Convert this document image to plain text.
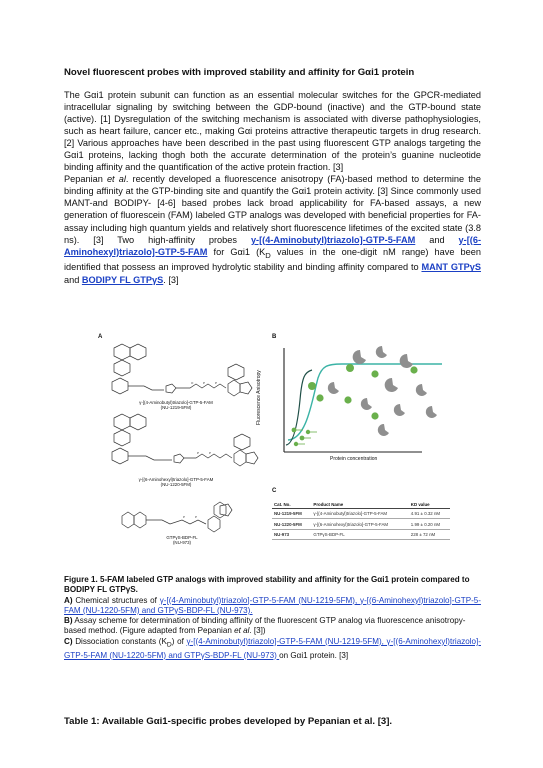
Novel fluorescent probes with improved stability and affinity for Gαi1 protein

The Gαi1 protein subunit can function as an essential molecular switches for the GPCR-mediated intracellular signaling by switching between the GDP-bound (inactive) and the GTP-bound state (active). [1] Dysregulation of the switching mechanism is associated with diverse pathophysiologies, such as heart failure, cancer etc., making Gαi proteins attractive therapeutic targets in drug research. [2] Various approaches have been described in the past using fluorescent GTP analogs targeting the Gαi1 proteins, lacking thogh both the accurate determination of the protein’s guanine nucleotide binding affinity and the quantification of the active protein fraction. [3]

Pepanian et al. recently developed a fluorescence anisotropy (FA)-based method to determine the binding affinity at the GTP-binding site and quantify the Gαi1 protein activity. [3] Since commonly used MANT-and BODIPY- [4-6] based probes lack broad applicability for FA-based assays, a new generation of fluorescein (FAM) labeled GTP analogs was developed with beneficial properties for FA-assay including high quantum yields and relatively short fluorescence lifetimes of the excited state (3.8 ns). [3] Two high-affinity probes y-[(4-Aminobutyl)triazolo]-GTP-5-FAM and y-[(6-Aminohexyl)triazolo]-GTP-5-FAM for Gαi1 ($K_D$ values in the one-digit nM range) have been identified that possess an improved hydrolytic stability and binding affinity compared to MANT GTPγS and BODIPY FL GTPγS. [3]

A	B
C
O	P	P
P	P
P	P
γ-[(4-Aminobutyl)triazolo]-GTP-5-FAM
(NU-1219-5FM)
γ-[(6-Aminohexyl)triazolo]-GTP-5-FAM
(NU-1220-5FM)
GTPγS-BDP-FL
(NU-973)
Fluorescence Anisotropy
Protein concentration
Cat. No.	Product Name	KD value
NU-1219-5FM	γ-[(4-Aminobutyl)triazolo]-GTP-5-FAM	4.91 ± 0.32 nM
NU-1220-5FM	γ-[(6-Aminohexyl)triazolo]-GTP-5-FAM	1.99 ± 0.20 nM
NU-973	GTPγS-BDP-FL	228 ± 72 nM

Figure 1. 5-FAM labeled GTP analogs with improved stability and affinity for the Gαi1 protein compared to BODIPY FL GTPγS.

A) Chemical structures of γ-[(4-Aminobutyl)triazolo]-GTP-5-FAM (NU-1219-5FM), γ-[(6-Aminohexyl)triazolo]-GTP-5-FAM (NU-1220-5FM) and GTPγS-BDP-FL (NU-973).

B) Assay scheme for determination of binding affinity of the fluorescent GTP analog via fluorescence anisotropy-based method. (Figure adapted from Pepanian et al. [3])

C) Dissociation constants $(K_D)$ of γ-[(4-Aminobutyl)triazolo]-GTP-5-FAM (NU-1219-5FM), γ-[(6-Aminohexyl)triazolo]-GTP-5-FAM (NU-1220-5FM) and GTPγS-BDP-FL (NU-973) on Gαi1 protein. [3]

Table 1: Available Gαi1-specific probes developed by Pepanian et al. [3].
